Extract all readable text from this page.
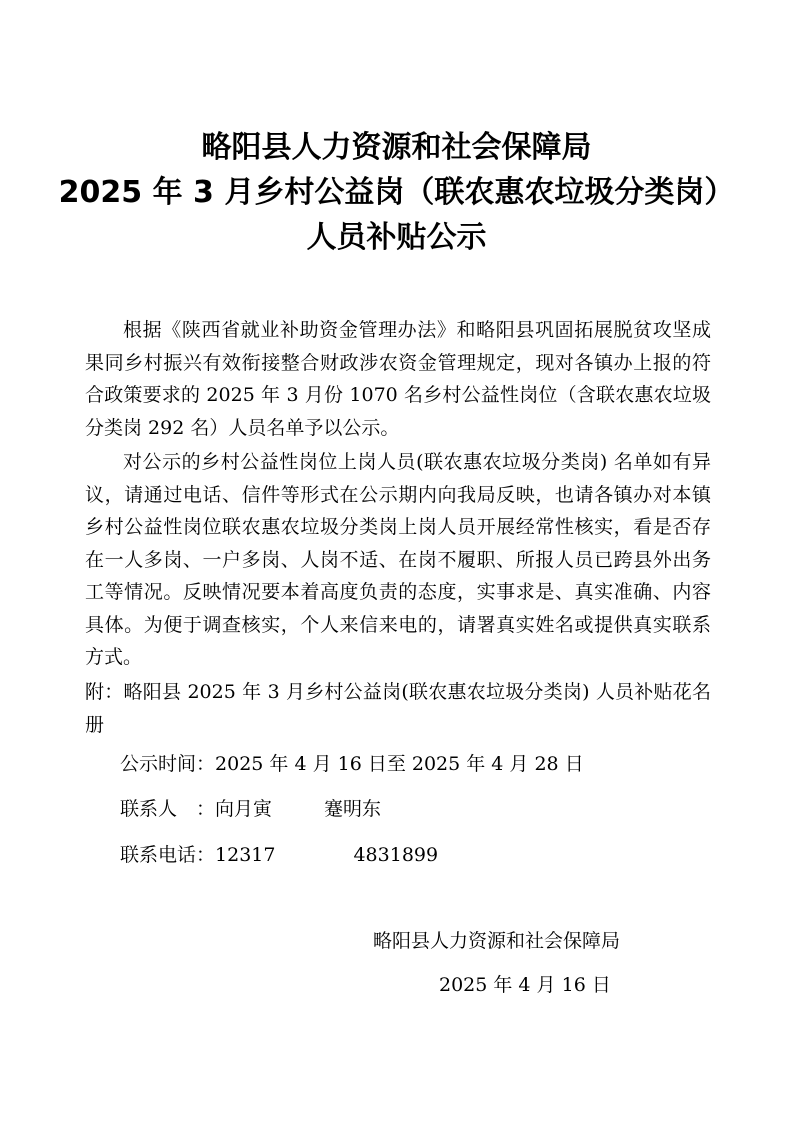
略阳县人力资源和社会保障局
2025 年 3 月乡村公益岗（联农惠农垃圾分类岗）
人员补贴公示

根据《陕西省就业补助资金管理办法》和略阳县巩固拓展脱贫攻坚成果同乡村振兴有效衔接整合财政涉农资金管理规定，现对各镇办上报的符合政策要求的 2025 年 3 月份 1070 名乡村公益性岗位（含联农惠农垃圾分类岗 292 名）人员名单予以公示。

对公示的乡村公益性岗位上岗人员(联农惠农垃圾分类岗) 名单如有异议，请通过电话、信件等形式在公示期内向我局反映，也请各镇办对本镇乡村公益性岗位联农惠农垃圾分类岗上岗人员开展经常性核实，看是否存在一人多岗、一户多岗、人岗不适、在岗不履职、所报人员已跨县外出务工等情况。反映情况要本着高度负责的态度，实事求是、真实准确、内容具体。为便于调查核实，个人来信来电的，请署真实姓名或提供真实联系方式。

附：略阳县 2025 年 3 月乡村公益岗(联农惠农垃圾分类岗) 人员补贴花名册

公示时间：2025 年 4 月 16 日至 2025 年 4 月 28 日
联系人　：向月寅	蹇明东
联系电话：12317	4831899
略阳县人力资源和社会保障局
2025 年 4 月 16 日
